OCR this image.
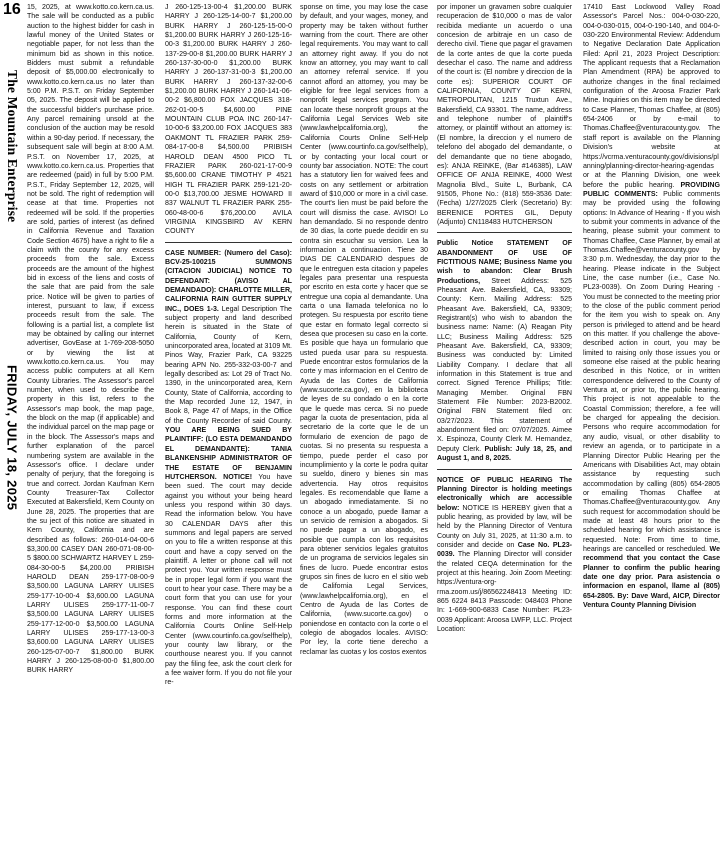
16
The Mountain Enterprise
FRIDAY, JULY 18, 2025

15, 2025, at www.kotto.co.kern.ca.us. The sale will be conducted as a public auction to the highest bidder for cash in lawful money of the United States or negotiable paper, for not less than the minimum bid as shown in this notice. Bidders must submit a refundable deposit of $5,000.00 electronically to www.kotto.co.kern.ca.us no later than 5:00 P.M. P.S.T. on Friday September 05, 2025. The deposit will be applied to the successful bidder's purchase price. Any parcel remaining unsold at the conclusion of the auction may be resold within a 90-day period. If necessary, the subsequent sale will begin at 8:00 A.M. P.S.T. on November 17, 2025, at www.kotto.co.kern.ca.us. Properties that are redeemed (paid) in full by 5:00 P.M. P.S.T., Friday September 12, 2025, will not be sold. The right of redemption will cease at that time. Properties not redeemed will be sold. If the properties are sold, parties of interest (as defined in California Revenue and Taxation Code Section 4675) have a right to file a claim with the county for any excess proceeds from the sale. Excess proceeds are the amount of the highest bid in excess of the liens and costs of the sale that are paid from the sale price. Notice will be given to parties of interest, pursuant to law, if excess proceeds result from the sale. The following is a partial list, a complete list may be obtained by calling our internet advertiser, GovEase at 1-769-208-5050 or by viewing the list at www.kotto.co.kern.ca.us. You may access public computers at all Kern County Libraries. The Assessor's parcel number, when used to describe the property in this list, refers to the Assessor's map book, the map page, the block on the map (if applicable) and the individual parcel on the map page or in the block. The Assessor's maps and further explanation of the parcel numbering system are available in the Assessor's office. I declare under penalty of perjury, that the foregoing is true and correct. Jordan Kaufman Kern County Treasurer-Tax Collector Executed at Bakersfield, Kern County on June 28, 2025. The properties that are the su ject of this notice are situated in Kern County, California and are described as follows: 260-014-04-00-6 $3,300.00 CASEY DAN 260-071-08-00-5 $800.00 SCHWARTZ HARVEY L 259-084-30-00-5 $4,200.00 PRIBISH HAROLD DEAN 259-177-08-00-9 $3,500.00 LAGUNA LARRY ULISES 259-177-10-00-4 $3,600.00 LAGUNA LARRY ULISES 259-177-11-00-7 $3,500.00 LAGUNA LARRY ULISES 259-177-12-00-0 $3,500.00 LAGUNA LARRY ULISES 259-177-13-00-3 $3,600.00 LAGUNA LARRY ULISES 260-125-07-00-7 $1,800.00 BURK HARRY J 260-125-08-00-0 $1,800.00 BURK HARRY

J 260-125-13-00-4 $1,200.00 BURK HARRY J 260-125-14-00-7 $1,200.00 BURK HARRY J 260-125-15-00-0 $1,200.00 BURK HARRY J 260-125-16-00-3 $1,200.00 BURK HARRY J 260-137-29-00-8 $1,200.00 BURK HARRY J 260-137-30-00-0 $1,200.00 BURK HARRY J 260-137-31-00-3 $1,200.00 BURK HARRY J 260-137-32-00-6 $1,200.00 BURK HARRY J 260-141-06-00-2 $6,800.00 FOX JACQUES 318-262-01-00-5 $4,600.00 PINE MOUNTAIN CLUB POA INC 260-147-10-00-6 $3,200.00 FOX JACQUES 383 OAKMONT TL FRAZIER PARK 259-084-17-00-8 $4,500.00 PRIBISH HAROLD DEAN 4500 PICO TL FRAZIER PARK 260-021-17-00-9 $5,600.00 CRANE TIMOTHY P 4521 HIGH TL FRAZIER PARK 259-121-20-00-0 $13,700.00 JESME HOWARD II 837 WALNUT TL FRAZIER PARK 255-060-48-00-6 $76,200.00 AVILA VIRGINIA KINGSBIRD AV KERN COUNTY

CASE NUMBER: (Numero del Caso): BCV-25-100215 SUMMONS (CITACION JUDICIAL) NOTICE TO DEFENDANT: (AVISO AL DEMANDADO): CHARLOTTE MILLER, CALIFORNIA RAIN GUTTER SUPPLY INC., DOES 1-3. Legal Description The subject property and land described herein is situated in the State of California, County of Kern, unincorporated area, located at 3109 Mt. Pinos Way, Frazier Park, CA 93225 bearing APN No. 255-332-03-00-7 and legally described as: Lot 29 of Tract No. 1390, in the unincorporated area, Kern County, State of California, according to the Map recorded June 12, 1947, in Book 8, Page 47 of Maps, in the Office of the County Recorder of said County. YOU ARE BEING SUED BY PLAINTIFF: (LO ESTA DEMANDANDO EL DEMANDANTE): TANIA BLANKENSHIP ADMINISTRATOR OF THE ESTATE OF BENJAMIN HUTCHERSON. NOTICE! You have been sued. The court may decide against you without your being heard unless you respond within 30 days. Read the information below. You have 30 CALENDAR DAYS after this summons and legal papers are served on you to file a written response at this court and have a copy served on the plaintiff. A letter or phone call will not protect you. Your written response must be in proper legal form if you want the court to hear your case. There may be a court form that you can use for your response. You can find these court forms and more information at the California Courts Online Self-Help Center (www.courtinfo.ca.gov/selfhelp), your county law library, or the courthouse nearest you. If you cannot pay the filing fee, ask the court clerk for a fee waiver form. If you do not file your re-

sponse on time, you may lose the case by default, and your wages, money, and property may be taken without further warning from the court. There are other legal requirements. You may want to call an attorney right away. If you do not know an attorney, you may want to call an attorney referral service. If you cannot afford an attorney, you may be eligible for free legal services from a nonprofit legal services program. You can locate these nonprofit groups at the California Legal Services Web site (www.lawhelpcalifornia.org), the California Courts Online Self-Help Center (www.courtinfo.ca.gov/selfhelp), or by contacting your local court or county bar association. NOTE: The court has a statutory lien for waived fees and costs on any settlement or arbitration award of $10,000 or more in a civil case. The court's lien must be paid before the court will dismiss the case. AVISO! Lo han demandado. Si no responde dentro de 30 dias, la corte puede decidir en su contra sin escuchar su version. Lea la informacion a continuacion. Tiene 30 DIAS DE CALENDARIO despues de que le entreguen esta citacion y papeles legales para presentar una respuesta por escrito en esta corte y hacer que se entregue una copia al demandante. Una carta o una llamada telefonica no lo protegen. Su respuesta por escrito tiene que estar en formato legal correcto si desea que procesen su caso en la corte. Es posible que haya un formulario que usted pueda usar para su respuesta. Puede encontrar estos formularios de la corte y mas informacion en el Centro de Ayuda de las Cortes de California (www.sucorte.ca.gov), en la biblioteca de leyes de su condado o en la corte que le quede mas cerca. Si no puede pagar la cuota de presentacion, pida al secretario de la corte que le de un formulario de exencion de pago de cuotas. Si no presenta su respuesta a tiempo, puede perder el caso por incumplimiento y la corte le podra quitar su sueldo, dinero y bienes sin mas advertencia. Hay otros requisitos legales. Es recomendable que llame a un abogado inmediatamente. Si no conoce a un abogado, puede llamar a un servicio de remision a abogados. Si no puede pagar a un abogado, es posible que cumpla con los requisitos para obtener servicios legales gratuitos de un programa de servicios legales sin fines de lucro. Puede encontrar estos grupos sin fines de lucro en el sitio web de California Legal Services, (www.lawhelpcalifornia.org), en el Centro de Ayuda de las Cortes de California, (www.sucorte.ca.gov) o poniendose en contacto con la corte o el colegio de abogados locales. AVISO: Por ley, la corte tiene derecho a reclamar las cuotas y los costos exentos

por imponer un gravamen sobre cualquier recuperacion de $10,000 o mas de valor recibida mediante un acuerdo o una concesion de arbitraje en un caso de derecho civil. Tiene que pagar el gravamen de la corte antes de que la corte pueda desechar el caso. The name and address of the court is: (El nombre y direccion de la corte es): SUPERIOR COURT OF CALIFORNIA, COUNTY OF KERN, METROPOLITAN, 1215 Truxtun Ave., Bakersfield, CA 93301. The name, address and telephone number of plaintiff's attorney, or plaintiff without an attorney is: (El nombre, la direccion y el numero de telefono del abogado del demandante, o del demandante que no tiene abogado, es): ANJA REINKE, (Bar #146385), LAW OFFICE OF ANJA REINKE, 4000 West Magnolia Blvd., Suite L, Burbank, CA 91505, Phone No.: (818) 559-3536 Date: (Fecha) 1/27/2025 Clerk (Secretario) By: BERENICE PORTES GIL, Deputy (Adjunto) CN118483 HUTCHERSON

Public Notice STATEMENT OF ABANDONMENT OF USE OF FICTITIOUS NAME; Business Name you wish to abandon: Clear Brush Productions, Street Address: 525 Pheasant Ave. Bakersfield, CA, 93309; County: Kern. Mailing Address: 525 Pheasant Ave. Bakersfield, CA, 93309; Registrant(s) who wish to abandon the business name: Name: (A) Reagan Pity LLC; Business Mailing Address: 525 Pheasant Ave. Bakersfield, CA, 93309; Business was conducted by: Limited Liability Company. I declare that all information in this Statement is true and correct. Signed Terence Phillips; Title: Managing Member. Original FBN Statement File Number: 2023-B2002. Original FBN Statement filed on: 03/27/2023. This statement of abandonment filed on: 07/07/2025. Aimee X. Espinoza, County Clerk M. Hernandez, Deputy Clerk. Publish: July 18, 25, and August 1, and 8, 2025.

NOTICE OF PUBLIC HEARING The Planning Director is holding meetings electronically which are accessible below: NOTICE IS HEREBY given that a public hearing, as provided by law, will be held by the Planning Director of Ventura County on July 31, 2025, at 11:30 a.m. to consider and decide on Case No. PL23-0039. The Planning Director will consider the related CEQA determination for the project at this hearing. Join Zoom Meeting: https://ventura-org-rma.zoom.us/j/86562248413 Meeting ID: 865 6224 8413 Passcode: 048403 Phone In: 1-669-900-6833 Case Number: PL23-0039 Applicant: Aroosa LWFP, LLC. Project Location:

17410 East Lockwood Valley Road Assessor's Parcel Nos.: 004-0-030-220, 004-0-030-015, 004-0-190-140, and 004-0-030-220 Environmental Review: Addendum to Negative Declaration Date Application Filed: April 21, 2023 Project Description: The applicant requests that a Reclamation Plan Amendment (RPA) be approved to authorize changes in the final reclaimed configuration of the Aroosa Frazier Park Mine. Inquiries on this item may be directed to Case Planner, Thomas Chaffee, at (805) 654-2406 or by e-mail to Thomas.Chaffee@venturacounty.gov. The staff report is available on the Planning Division's website at https://vcrma.venturacounty.gov/divisions/planning/planning-director-hearing-agendas or at the Planning Division, one week before the public hearing. PROVIDING PUBLIC COMMENTS: Public comments may be provided using the following options: In Advance of Hearing - If you wish to submit your comments in advance of the hearing, please submit your comment to Thomas Chaffee, Case Planner, by email at Thomas.Chaffee@venturacounty.gov by 3:30 p.m. Wednesday, the day prior to the hearing. Please indicate in the Subject Line, the case number (i.e., Case No. PL23-0039). On Zoom During Hearing - You must be connected to the meeting prior to the close of the public comment period for the item you wish to speak on. Any person is privileged to attend and be heard on this matter. If you challenge the above-described action in court, you may be limited to raising only those issues you or someone else raised at the public hearing described in this Notice, or in written correspondence delivered to the County of Ventura at, or prior to, the public hearing. This project is not appealable to the Coastal Commission; therefore, a fee will be charged for appealing the decision. Persons who require accommodation for any audio, visual, or other disability to review an agenda, or to participate in a Planning Director Public Hearing per the Americans with Disabilities Act, may obtain assistance by requesting such accommodation by calling (805) 654-2805 or emailing Thomas Chaffee at Thomas.Chaffee@venturacounty.gov. Any such request for accommodation should be made at least 48 hours prior to the scheduled hearing for which assistance is requested. Note: From time to time, hearings are cancelled or rescheduled. We recommend that you contact the Case Planner to confirm the public hearing date one day prior. Para asistencia o informacion en espanol, llame al (805) 654-2805. By: Dave Ward, AICP, Director Ventura County Planning Division
